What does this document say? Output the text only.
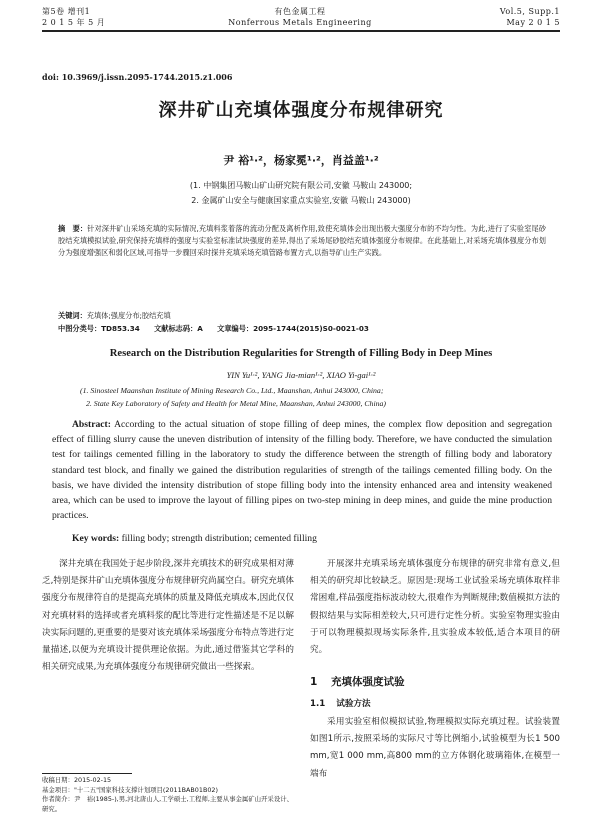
第5卷 增刊1
2 0 1 5 年 5 月
有色金属工程
Nonferrous Metals Engineering
Vol.5, Supp.1
May 2 0 1 5
doi: 10.3969/j.issn.2095-1744.2015.z1.006
深井矿山充填体强度分布规律研究
尹 裕¹·²，杨家冕¹·²，肖益盖¹·²
(1. 中钢集团马鞍山矿山研究院有限公司,安徽 马鞍山 243000;
2. 金属矿山安全与健康国家重点实验室,安徽 马鞍山 243000)
摘　要：针对深井矿山采场充填的实际情况,充填料浆着落的流动分配及离析作用,致使充填体会出现出极大强度分布的不均匀性。为此,进行了实验室尾砂胶结充填模拟试验,研究保持充填样的强度与实验室标准试块强度的差异,得出了采场尾砂胶结充填体强度分布规律。在此基础上,对采场充填体强度分布划分为强度增强区和弱化区域,可指导一步骤回采时探井充填采场充填管路布置方式,以指导矿山生产实践。
关键词：充填体;强度分布;胶结充填
中图分类号：TD853.34　　文献标志码：A　　文章编号：2095-1744(2015)S0-0021-03
Research on the Distribution Regularities for Strength of Filling Body in Deep Mines
YIN Yu¹·², YANG Jia-mian¹·², XIAO Yi-gai¹·²
(1. Sinosteel Maanshan Institute of Mining Research Co., Ltd., Maanshan, Anhui 243000, China;
2. State Key Laboratory of Safety and Health for Metal Mine, Maanshan, Anhui 243000, China)
Abstract: According to the actual situation of stope filling of deep mines, the complex flow deposition and segregation effect of filling slurry cause the uneven distribution of intensity of the filling body. Therefore, we have conducted the simulation test for tailings cemented filling in the laboratory to study the difference between the strength of filling body and laboratory standard test block, and finally we gained the distribution regularities of strength of the tailings cemented filling body. On the basis, we have divided the intensity distribution of stope filling body into the intensity enhanced area and intensity weakened area, which can be used to improve the layout of filling pipes on two-step mining in deep mines, and guide the mine production practices.
Key words: filling body; strength distribution; cemented filling
深井充填在我国处于起步阶段,深井充填技术的研究成果相对薄乏,特别是探井矿山充填体强度分布规律研究尚属空白。研究充填体强度分布规律符自的是提高充填体的质量及降低充填成本,因此仅仅对充填材料的选择或者充填料浆的配比等进行定性描述是不足以解决实际问题的,更重要的是要对该充填体采场强度分布特点等进行定量描述,以便为充填设计提供理论依据。为此,通过借鉴其它学科的相关研究成果,为充填体强度分布规律研究做出一些探索。
收稿日期：2015-02-15
基金项目："十二五"国家科技支撑计划项目(2011BAB01B02)
作者简介：尹　裕(1985-),男,河北唐山人,工学硕士,工程师,主要从事金属矿山开采设计、研究。
开展深井充填采场充填体强度分布规律的研究非常有意义,但相关的研究却比较缺乏。原因是:现场工业试验采场充填体取样非常困难,样品强度指标波动较大,很难作为判断规律;数值模拟方法的假拟结果与实际相差较大,只可进行定性分析。实验室物理实验由于可以物理模拟现场实际条件,且实验成本较低,适合本项目的研究。
1 充填体强度试验
1.1 试验方法
采用实验室相似模拟试验,物理模拟实际充填过程。试验装置如图1所示,按照采场的实际尺寸等比例缩小,试验模型为长1 500 mm,宽1 000 mm,高800 mm的立方体钢化玻璃箱体,在模型一端布
